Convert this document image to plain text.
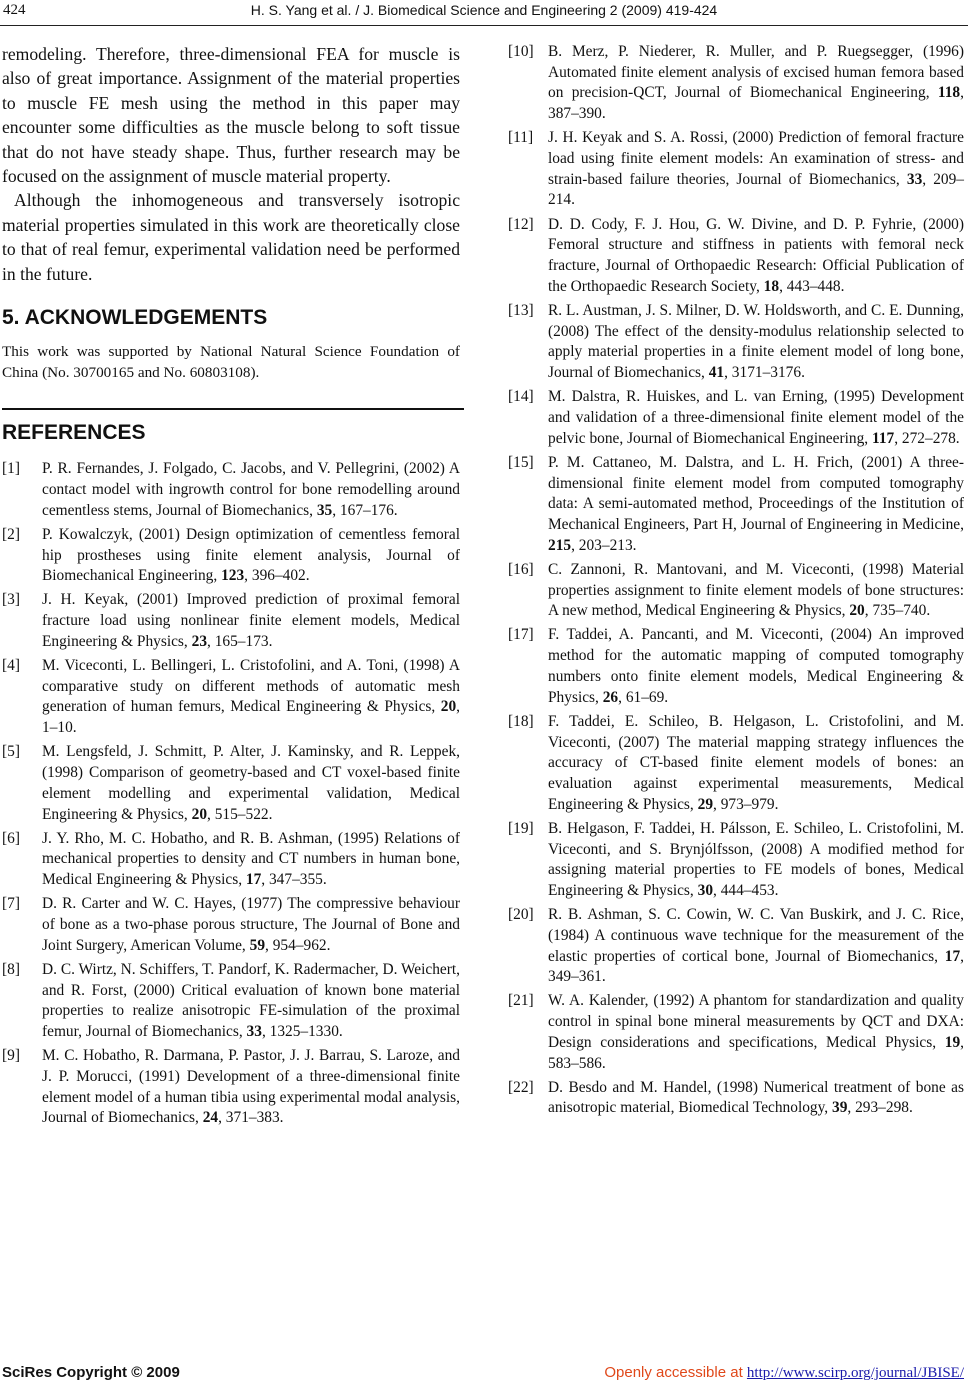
424	H. S. Yang et al. / J. Biomedical Science and Engineering 2 (2009) 419-424

remodeling. Therefore, three-dimensional FEA for muscle is also of great importance. Assignment of the material properties to muscle FE mesh using the method in this paper may encounter some difficulties as the muscle belong to soft tissue that do not have steady shape. Thus, further research may be focused on the assignment of muscle material property.

Although the inhomogeneous and transversely isotropic material properties simulated in this work are theoretically close to that of real femur, experimental validation need be performed in the future.

5. ACKNOWLEDGEMENTS

This work was supported by National Natural Science Foundation of China (No. 30700165 and No. 60803108).

REFERENCES

[1] P. R. Fernandes, J. Folgado, C. Jacobs, and V. Pellegrini, (2002) A contact model with ingrowth control for bone remodelling around cementless stems, Journal of Biomechanics, 35, 167–176.

[2] P. Kowalczyk, (2001) Design optimization of cementless femoral hip prostheses using finite element analysis, Journal of Biomechanical Engineering, 123, 396–402.

[3] J. H. Keyak, (2001) Improved prediction of proximal femoral fracture load using nonlinear finite element models, Medical Engineering & Physics, 23, 165–173.

[4] M. Viceconti, L. Bellingeri, L. Cristofolini, and A. Toni, (1998) A comparative study on different methods of automatic mesh generation of human femurs, Medical Engineering & Physics, 20, 1–10.

[5] M. Lengsfeld, J. Schmitt, P. Alter, J. Kaminsky, and R. Leppek, (1998) Comparison of geometry-based and CT voxel-based finite element modelling and experimental validation, Medical Engineering & Physics, 20, 515–522.

[6] J. Y. Rho, M. C. Hobatho, and R. B. Ashman, (1995) Relations of mechanical properties to density and CT numbers in human bone, Medical Engineering & Physics, 17, 347–355.

[7] D. R. Carter and W. C. Hayes, (1977) The compressive behaviour of bone as a two-phase porous structure, The Journal of Bone and Joint Surgery, American Volume, 59, 954–962.

[8] D. C. Wirtz, N. Schiffers, T. Pandorf, K. Radermacher, D. Weichert, and R. Forst, (2000) Critical evaluation of known bone material properties to realize anisotropic FE-simulation of the proximal femur, Journal of Biomechanics, 33, 1325–1330.

[9] M. C. Hobatho, R. Darmana, P. Pastor, J. J. Barrau, S. Laroze, and J. P. Morucci, (1991) Development of a three-dimensional finite element model of a human tibia using experimental modal analysis, Journal of Biomechanics, 24, 371–383.

[10] B. Merz, P. Niederer, R. Muller, and P. Ruegsegger, (1996) Automated finite element analysis of excised human femora based on precision-QCT, Journal of Biomechanical Engineering, 118, 387–390.

[11] J. H. Keyak and S. A. Rossi, (2000) Prediction of femoral fracture load using finite element models: An examination of stress- and strain-based failure theories, Journal of Biomechanics, 33, 209–214.

[12] D. D. Cody, F. J. Hou, G. W. Divine, and D. P. Fyhrie, (2000) Femoral structure and stiffness in patients with femoral neck fracture, Journal of Orthopaedic Research: Official Publication of the Orthopaedic Research Society, 18, 443–448.

[13] R. L. Austman, J. S. Milner, D. W. Holdsworth, and C. E. Dunning, (2008) The effect of the density-modulus relationship selected to apply material properties in a finite element model of long bone, Journal of Biomechanics, 41, 3171–3176.

[14] M. Dalstra, R. Huiskes, and L. van Erning, (1995) Development and validation of a three-dimensional finite element model of the pelvic bone, Journal of Biomechanical Engineering, 117, 272–278.

[15] P. M. Cattaneo, M. Dalstra, and L. H. Frich, (2001) A three-dimensional finite element model from computed tomography data: A semi-automated method, Proceedings of the Institution of Mechanical Engineers, Part H, Journal of Engineering in Medicine, 215, 203–213.

[16] C. Zannoni, R. Mantovani, and M. Viceconti, (1998) Material properties assignment to finite element models of bone structures: A new method, Medical Engineering & Physics, 20, 735–740.

[17] F. Taddei, A. Pancanti, and M. Viceconti, (2004) An improved method for the automatic mapping of computed tomography numbers onto finite element models, Medical Engineering & Physics, 26, 61–69.

[18] F. Taddei, E. Schileo, B. Helgason, L. Cristofolini, and M. Viceconti, (2007) The material mapping strategy influences the accuracy of CT-based finite element models of bones: an evaluation against experimental measurements, Medical Engineering & Physics, 29, 973–979.

[19] B. Helgason, F. Taddei, H. Pálsson, E. Schileo, L. Cristofolini, M. Viceconti, and S. Brynjólfsson, (2008) A modified method for assigning material properties to FE models of bones, Medical Engineering & Physics, 30, 444–453.

[20] R. B. Ashman, S. C. Cowin, W. C. Van Buskirk, and J. C. Rice, (1984) A continuous wave technique for the measurement of the elastic properties of cortical bone, Journal of Biomechanics, 17, 349–361.

[21] W. A. Kalender, (1992) A phantom for standardization and quality control in spinal bone mineral measurements by QCT and DXA: Design considerations and specifications, Medical Physics, 19, 583–586.

[22] D. Besdo and M. Handel, (1998) Numerical treatment of bone as anisotropic material, Biomedical Technology, 39, 293–298.

SciRes Copyright © 2009	Openly accessible at http://www.scirp.org/journal/JBISE/
